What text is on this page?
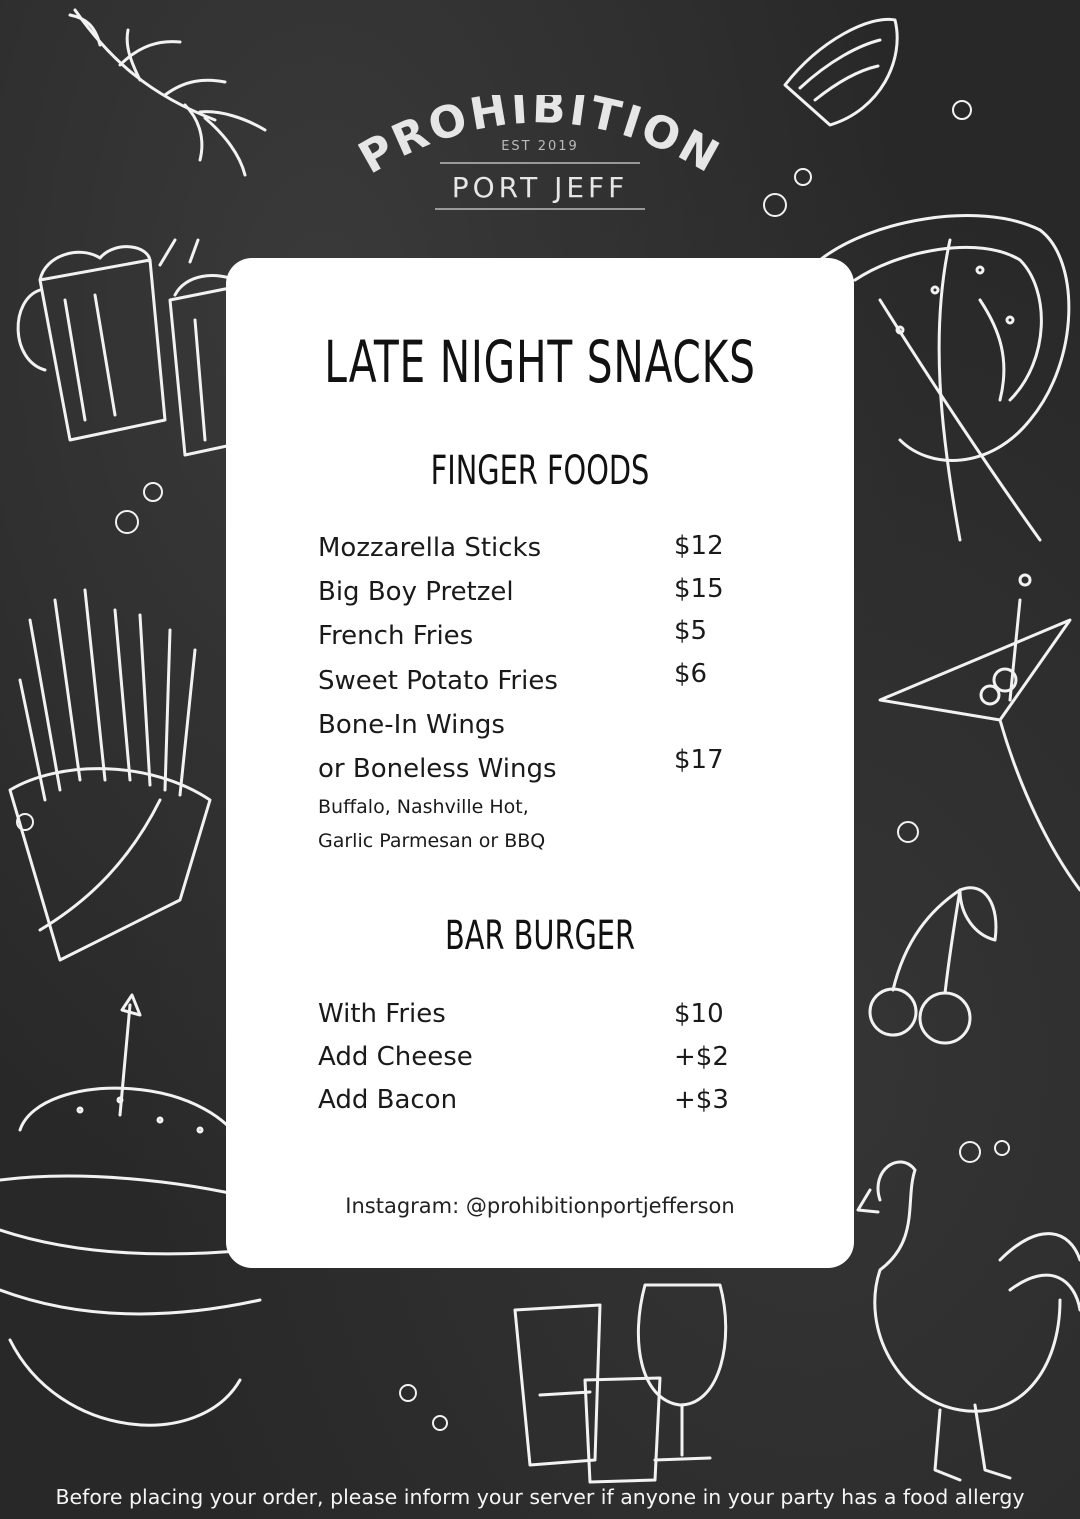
PROHIBITION
EST 2019
PORT JEFF
LATE NIGHT SNACKS
FINGER FOODS
Mozzarella Sticks	$12
Big Boy Pretzel	$15
French Fries	$5
Sweet Potato Fries	$6
Bone-In Wings
or Boneless Wings	$17
Buffalo, Nashville Hot,
Garlic Parmesan or BBQ
BAR BURGER
With Fries	$10
Add Cheese	+$2
Add Bacon	+$3
Instagram: @prohibitionportjefferson
Before placing your order, please inform your server if anyone in your party has a food allergy
